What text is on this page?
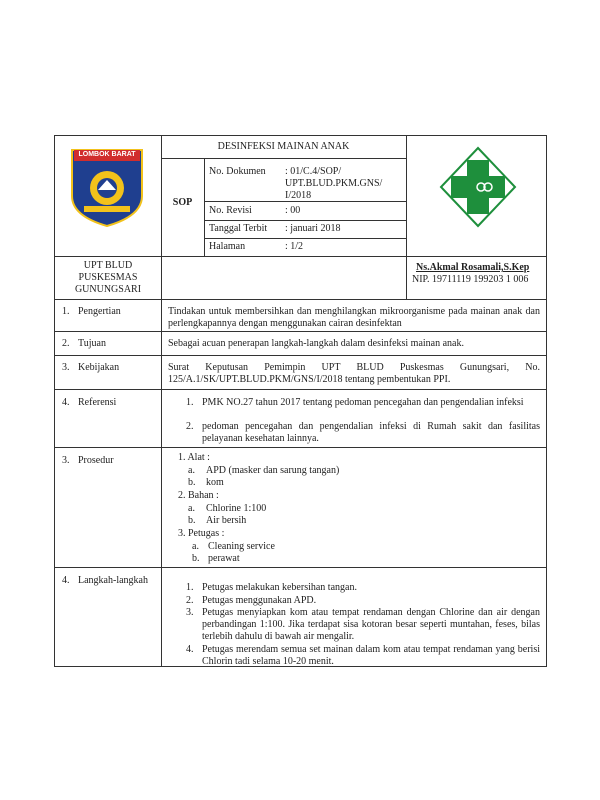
LOMBOK BARAT
DESINFEKSI MAINAN ANAK
SOP
No. Dokumen : 01/C.4/SOP/ UPT.BLUD.PKM.GNS/ I/2018
No. Revisi	: 00
Tanggal Terbit : januari 2018
Halaman	: 1/2
UPT BLUD PUSKESMAS GUNUNGSARI
Ns.Akmal Rosamali,S.Kep
NIP. 19711119 199203 1 006
1. Pengertian	Tindakan untuk membersihkan dan menghilangkan mikroorganisme pada mainan anak dan perlengkapannya dengan menggunakan cairan desinfektan
2. Tujuan	Sebagai acuan penerapan langkah-langkah dalam desinfeksi mainan anak.
3. Kebijakan	Surat Keputusan Pemimpin UPT BLUD Puskesmas Gunungsari, No. 125/A.1/SK/UPT.BLUD.PKM/GNS/I/2018 tentang pembentukan PPI.
4. Referensi	1. PMK NO.27 tahun 2017 tentang pedoman pencegahan dan pengendalian infeksi
2. pedoman pencegahan dan pengendalian infeksi di Rumah sakit dan fasilitas pelayanan kesehatan lainnya.
3. Prosedur	1. Alat :
a. APD (masker dan sarung tangan)
b. kom
2. Bahan :
a. Chlorine 1:100
b. Air bersih
3. Petugas :
a. Cleaning service
b. perawat
4. Langkah-langkah
1. Petugas melakukan kebersihan tangan.
2. Petugas menggunakan APD.
3. Petugas menyiapkan kom atau tempat rendaman dengan Chlorine dan air dengan perbandingan 1:100. Jika terdapat sisa kotoran besar seperti muntahan, feses, bilas terlebih dahulu di bawah air mengalir.
4. Petugas merendam semua set mainan dalam kom atau tempat rendaman yang berisi Chlorin tadi selama 10-20 menit.
